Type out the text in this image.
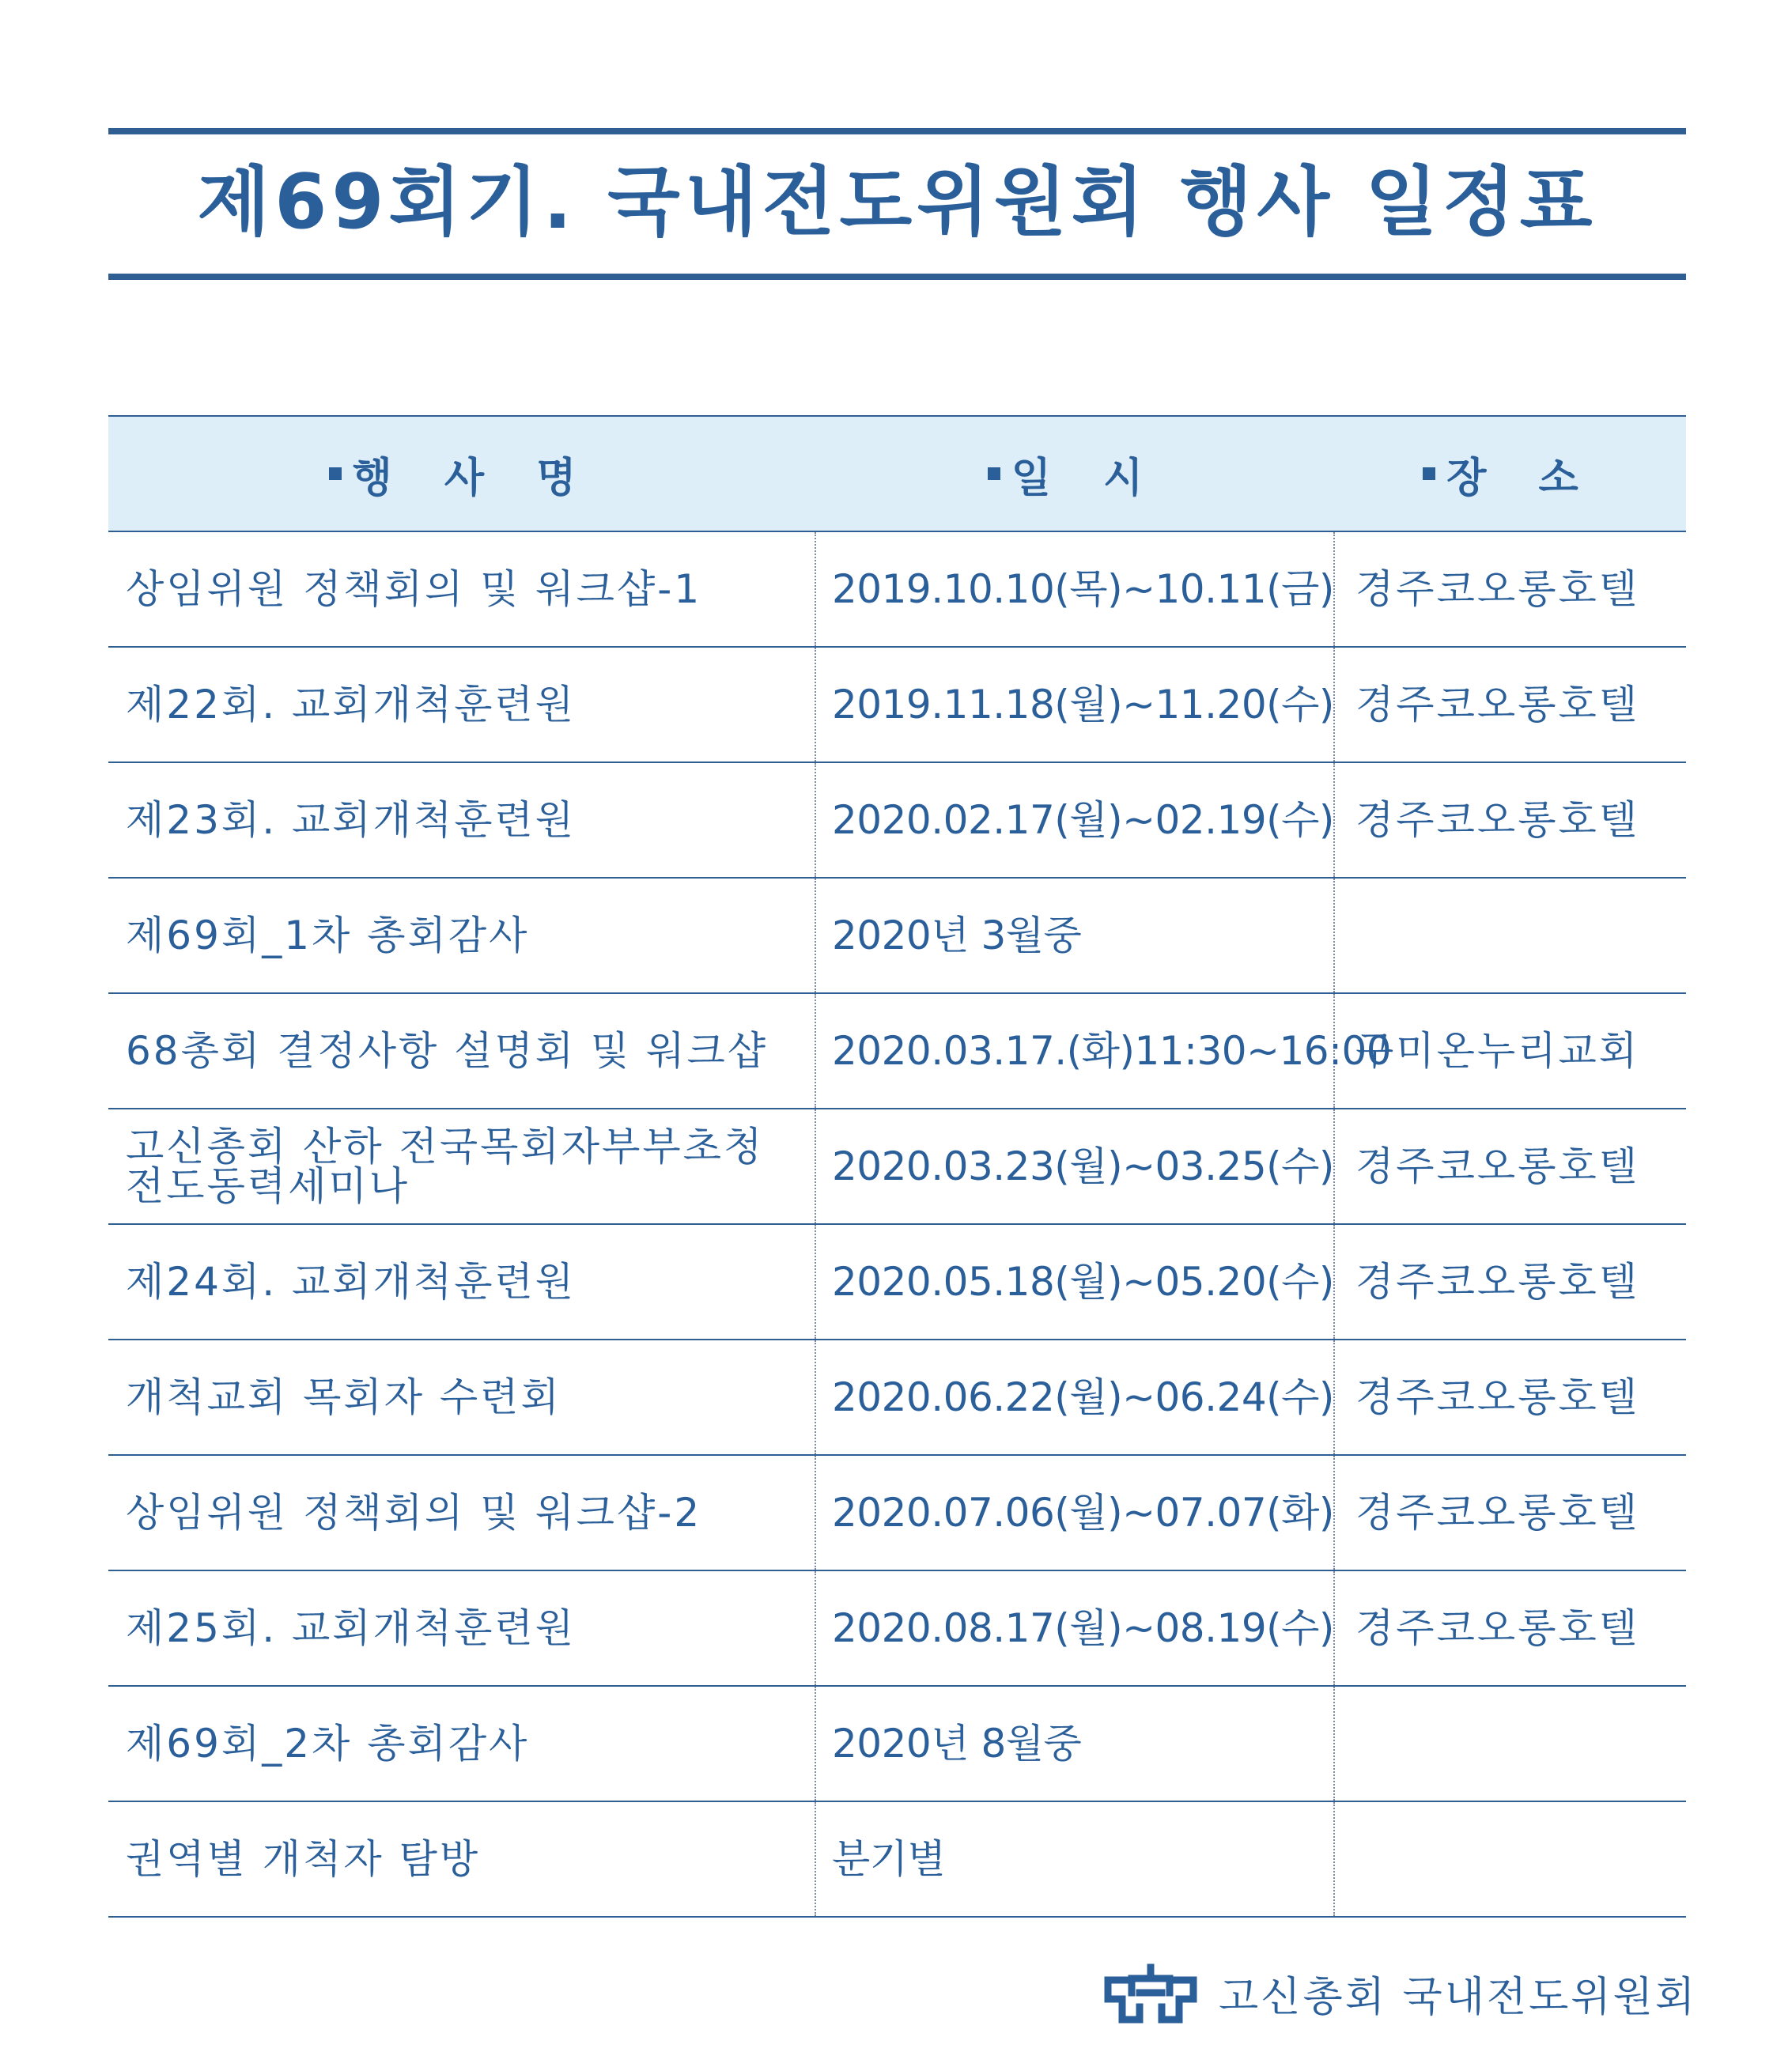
제69회기. 국내전도위원회 행사 일정표
행 사 명	일 시	장 소
상임위원 정책회의 및 워크샵-1	2019.10.10(목)~10.11(금)	경주코오롱호텔
제22회. 교회개척훈련원	2019.11.18(월)~11.20(수)	경주코오롱호텔
제23회. 교회개척훈련원	2020.02.17(월)~02.19(수)	경주코오롱호텔
제69회_1차 총회감사	2020년 3월중	
68총회 결정사항 설명회 및 워크샵	2020.03.17.(화)11:30~16:00	구미온누리교회
고신총회 산하 전국목회자부부초청 전도동력세미나	2020.03.23(월)~03.25(수)	경주코오롱호텔
제24회. 교회개척훈련원	2020.05.18(월)~05.20(수)	경주코오롱호텔
개척교회 목회자 수련회	2020.06.22(월)~06.24(수)	경주코오롱호텔
상임위원 정책회의 및 워크샵-2	2020.07.06(월)~07.07(화)	경주코오롱호텔
제25회. 교회개척훈련원	2020.08.17(월)~08.19(수)	경주코오롱호텔
제69회_2차 총회감사	2020년 8월중	
권역별 개척자 탐방	분기별	
고신총회 국내전도위원회
